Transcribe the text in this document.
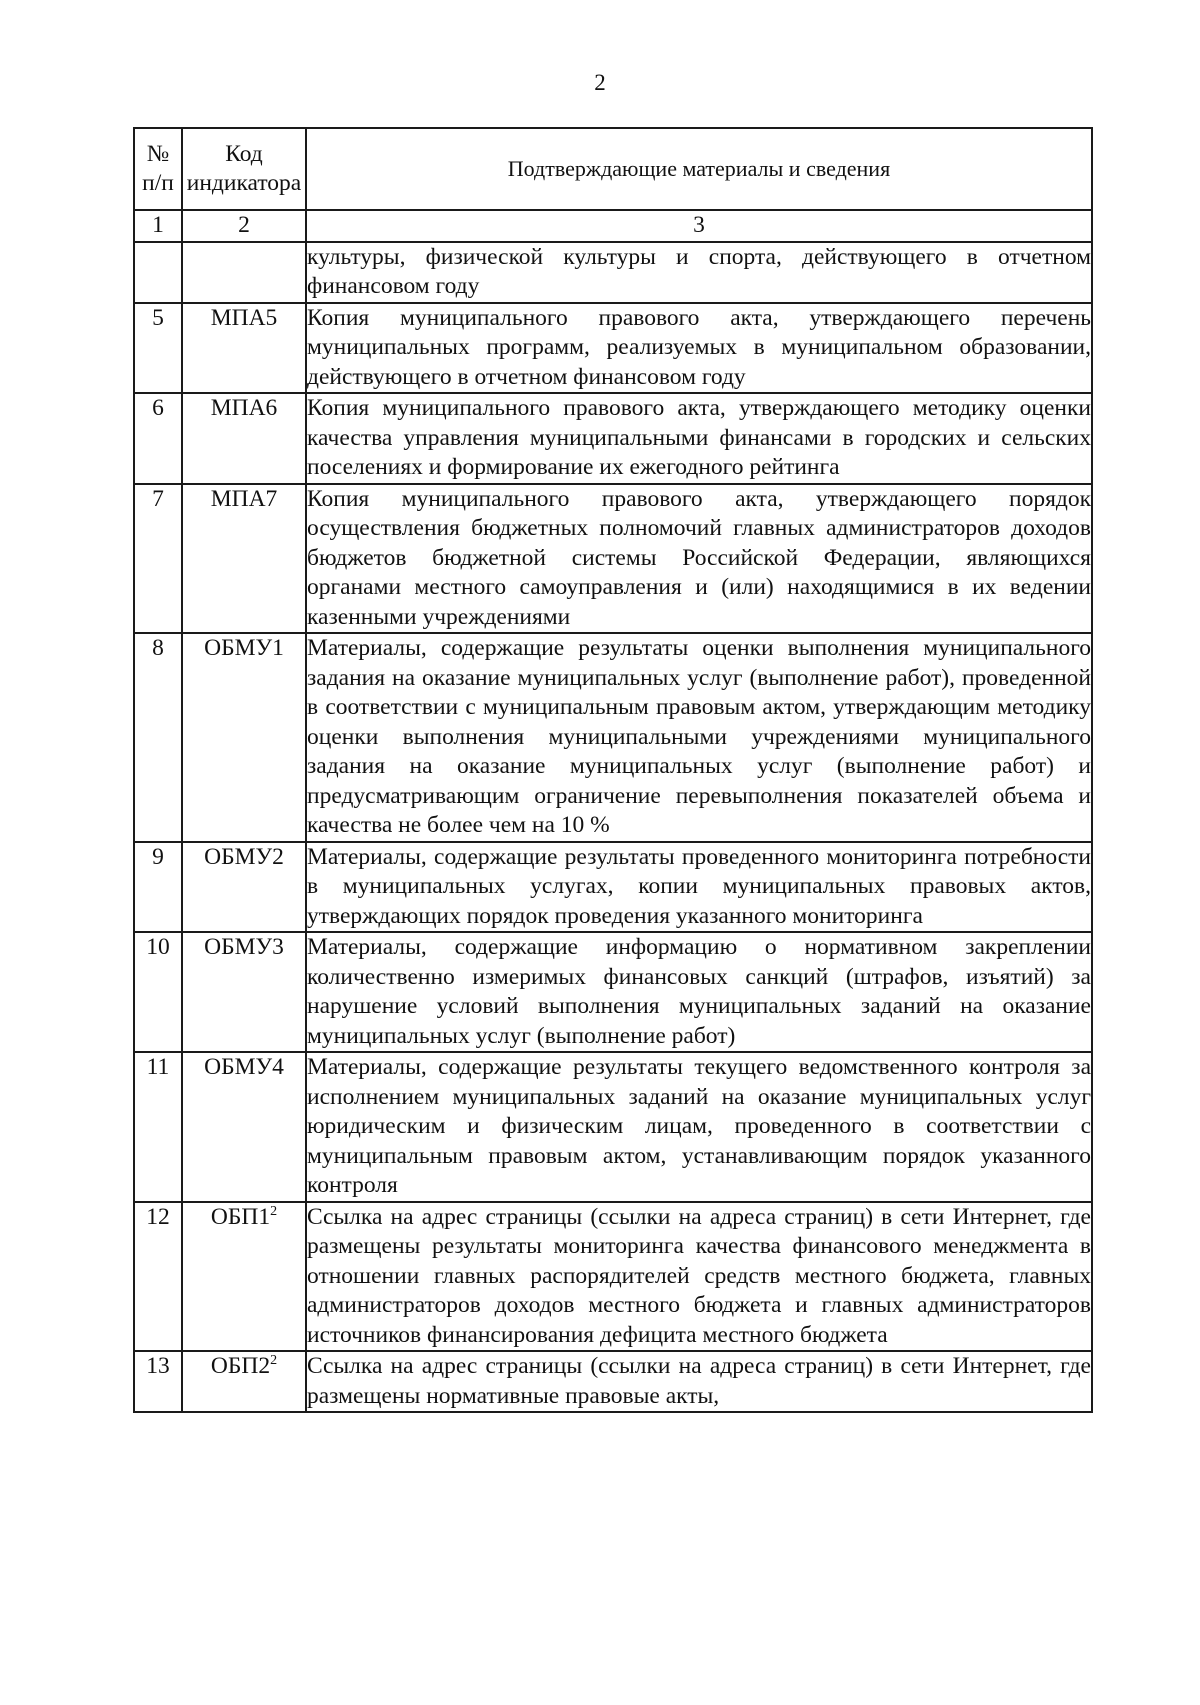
2
№ п/п	Код индикатора	Подтверждающие материалы и сведения
1	2	3
		культуры, физической культуры и спорта, действующего в отчетном финансовом году
5	МПА5	Копия муниципального правового акта, утверждающего перечень муниципальных программ, реализуемых в муниципальном образовании, действующего в отчетном финансовом году
6	МПА6	Копия муниципального правового акта, утверждающего методику оценки качества управления муниципальными финансами в городских и сельских поселениях и формирование их ежегодного рейтинга
7	МПА7	Копия муниципального правового акта, утверждающего порядок осуществления бюджетных полномочий главных администраторов доходов бюджетов бюджетной системы Российской Федерации, являющихся органами местного самоуправления и (или) находящимися в их ведении казенными учреждениями
8	ОБМУ1	Материалы, содержащие результаты оценки выполнения муниципального задания на оказание муниципальных услуг (выполнение работ), проведенной в соответствии с муниципальным правовым актом, утверждающим методику оценки выполнения муниципальными учреждениями муниципального задания на оказание муниципальных услуг (выполнение работ) и предусматривающим ограничение перевыполнения показателей объема и качества не более чем на 10 %
9	ОБМУ2	Материалы, содержащие результаты проведенного мониторинга потребности в муниципальных услугах, копии муниципальных правовых актов, утверждающих порядок проведения указанного мониторинга
10	ОБМУ3	Материалы, содержащие информацию о нормативном закреплении количественно измеримых финансовых санкций (штрафов, изъятий) за нарушение условий выполнения муниципальных заданий на оказание муниципальных услуг (выполнение работ)
11	ОБМУ4	Материалы, содержащие результаты текущего ведомственного контроля за исполнением муниципальных заданий на оказание муниципальных услуг юридическим и физическим лицам, проведенного в соответствии с муниципальным правовым актом, устанавливающим порядок указанного контроля
12	$ОБП1^2$	Ссылка на адрес страницы (ссылки на адреса страниц) в сети Интернет, где размещены результаты мониторинга качества финансового менеджмента в отношении главных распорядителей средств местного бюджета, главных администраторов доходов местного бюджета и главных администраторов источников финансирования дефицита местного бюджета
13	$ОБП2^2$	Ссылка на адрес страницы (ссылки на адреса страниц) в сети Интернет, где размещены нормативные правовые акты,
